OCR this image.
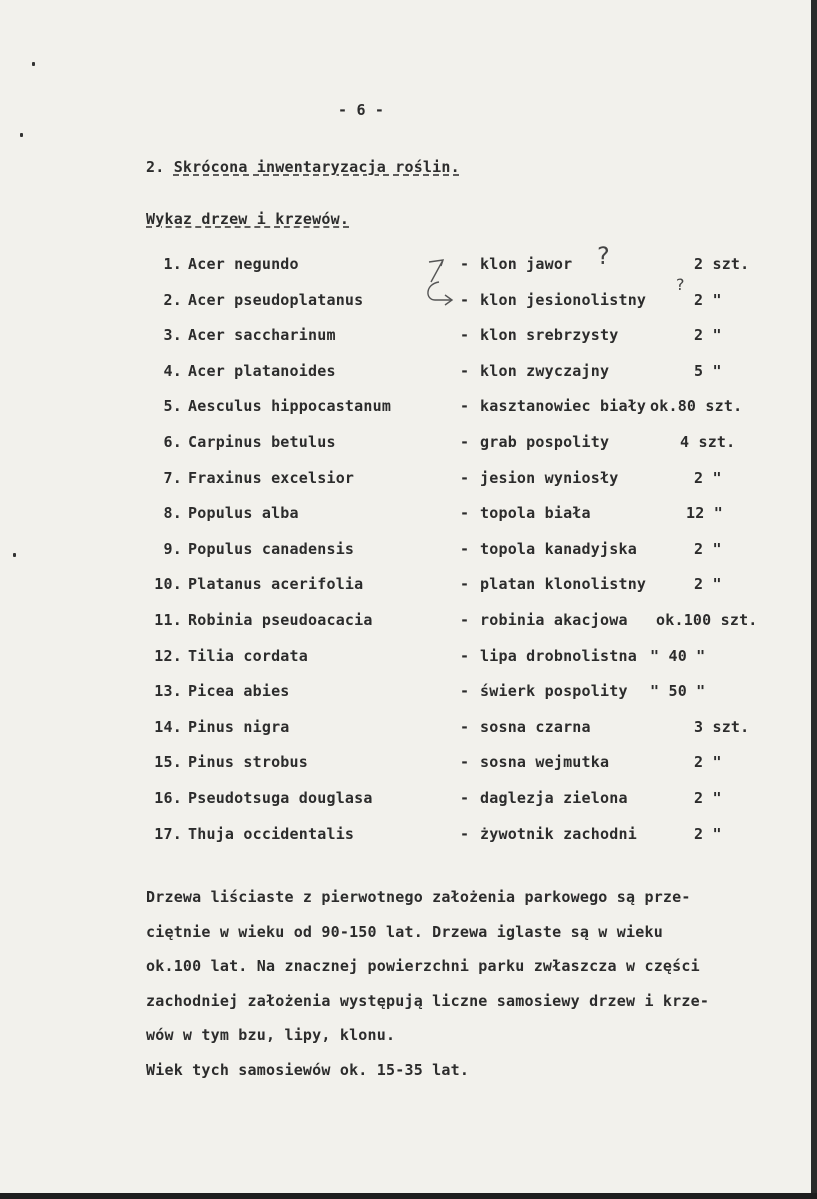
- 6 -
2. Skrócona inwentaryzacja roślin.
Wykaz drzew i krzewów.
1. Acer negundo	- klon jawor	2 szt.
2. Acer pseudoplatanus	- klon jesionolistny	2 "
3. Acer saccharinum	- klon srebrzysty	2 "
4. Acer platanoides	- klon zwyczajny	5 "
5. Aesculus hippocastanum	- kasztanowiec biały ok.80 szt.
6. Carpinus betulus	- grab pospolity	4 szt.
7. Fraxinus excelsior	- jesion wyniosły	2 "
8. Populus alba	- topola biała	12 "
9. Populus canadensis	- topola kanadyjska	2 "
10. Platanus acerifolia	- platan klonolistny	2 "
11. Robinia pseudoacacia	- robinia akacjowa ok.100 szt.
12. Tilia cordata	- lipa drobnolistna " 40 "
13. Picea abies	- świerk pospolity " 50 "
14. Pinus nigra	- sosna czarna	3 szt.
15. Pinus strobus	- sosna wejmutka	2 "
16. Pseudotsuga douglasa	- daglezja zielona	2 "
17. Thuja occidentalis	- żywotnik zachodni	2 "
?
?
Drzewa liściaste z pierwotnego założenia parkowego są prze-
ciętnie w wieku od 90-150 lat. Drzewa iglaste są w wieku
ok.100 lat. Na znacznej powierzchni parku zwłaszcza w części
zachodniej założenia występują liczne samosiewy drzew i krze-
wów w tym bzu, lipy, klonu.
Wiek tych samosiewów ok. 15-35 lat.
